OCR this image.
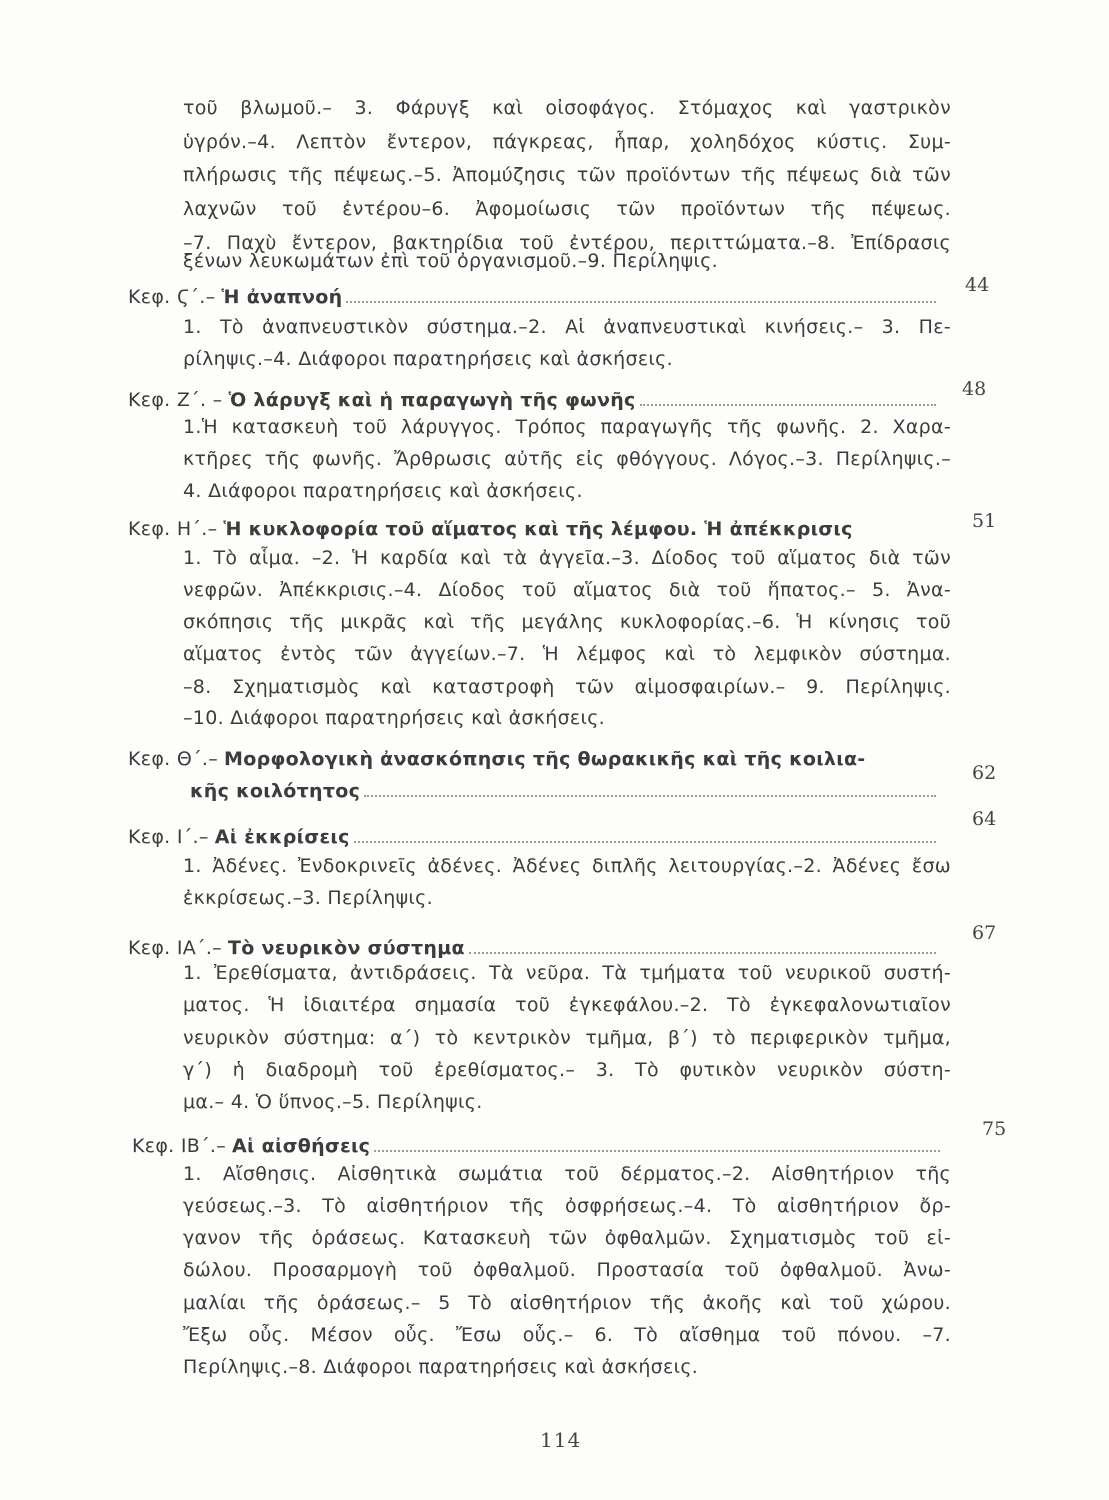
τοῦ βλωμοῦ.– 3. Φάρυγξ καὶ οἰσοφάγος. Στόμαχος καὶ γαστρικὸν
ὑγρόν.–4. Λεπτὸν ἔντερον, πάγκρεας, ἧπαρ, χοληδόχος κύστις. Συμ-
πλήρωσις τῆς πέψεως.–5. Ἀπομύζησις τῶν προϊόντων τῆς πέψεως διὰ τῶν
λαχνῶν τοῦ ἐντέρου–6. Ἀφομοίωσις τῶν προϊόντων τῆς πέψεως.
–7. Παχὺ ἔντερον, βακτηρίδια τοῦ ἐντέρου, περιττώματα.–8. Ἐπίδρασις
ξένων λευκωμάτων ἐπὶ τοῦ ὀργανισμοῦ.–9. Περίληψις.
Κεφ. Ϛ΄.– Ἡ ἀναπνοή
44
1. Τὸ ἀναπνευστικὸν σύστημα.–2. Αἱ ἀναπνευστικαὶ κινήσεις.– 3. Πε-
ρίληψις.–4. Διάφοροι παρατηρήσεις καὶ ἀσκήσεις.
Κεφ. Ζ΄. – Ὁ λάρυγξ καὶ ἡ παραγωγὴ τῆς φωνῆς	48
1.Ἡ κατασκευὴ τοῦ λάρυγγος. Τρόπος παραγωγῆς τῆς φωνῆς. 2. Χαρα-
κτῆρες τῆς φωνῆς. Ἄρθρωσις αὐτῆς εἰς φθόγγους. Λόγος.–3. Περίληψις.–
4. Διάφοροι παρατηρήσεις καὶ ἀσκήσεις.
Κεφ. Η΄.– Ἡ κυκλοφορία τοῦ αἵματος καὶ τῆς λέμφου. Ἡ ἀπέκκρισις	51
1. Τὸ αἷμα. –2. Ἡ καρδία καὶ τὰ ἀγγεῖα.–3. Δίοδος τοῦ αἵματος διὰ τῶν
νεφρῶν. Ἀπέκκρισις.–4. Δίοδος τοῦ αἵματος διὰ τοῦ ἥπατος.– 5. Ἀνα-
σκόπησις τῆς μικρᾶς καὶ τῆς μεγάλης κυκλοφορίας.–6. Ἡ κίνησις τοῦ
αἵματος ἐντὸς τῶν ἀγγείων.–7. Ἡ λέμφος καὶ τὸ λεμφικὸν σύστημα.
–8. Σχηματισμὸς καὶ καταστροφὴ τῶν αἱμοσφαιρίων.– 9. Περίληψις.
–10. Διάφοροι παρατηρήσεις καὶ ἀσκήσεις.
Κεφ. Θ΄.– Μορφολογικὴ ἀνασκόπησις τῆς θωρακικῆς καὶ τῆς κοιλια-
κῆς κοιλότητος
62
Κεφ. Ι΄.– Αἱ ἐκκρίσεις
64
1. Ἀδένες. Ἐνδοκρινεῖς ἀδένες. Ἀδένες διπλῆς λειτουργίας.–2. Ἀδένες ἔσω
ἐκκρίσεως.–3. Περίληψις.
Κεφ. ΙΑ΄.– Τὸ νευρικὸν σύστημα
67
1. Ἐρεθίσματα, ἀντιδράσεις. Τὰ νεῦρα. Τὰ τμήματα τοῦ νευρικοῦ συστή-
ματος. Ἡ ἰδιαιτέρα σημασία τοῦ ἐγκεφάλου.–2. Τὸ ἐγκεφαλονωτιαῖον
νευρικὸν σύστημα: α΄) τὸ κεντρικὸν τμῆμα, β΄) τὸ περιφερικὸν τμῆμα,
γ΄) ἡ διαδρομὴ τοῦ ἐρεθίσματος.– 3. Τὸ φυτικὸν νευρικὸν σύστη-
μα.– 4. Ὁ ὕπνος.–5. Περίληψις.
Κεφ. ΙΒ΄.– Αἱ αἰσθήσεις
75
1. Αἴσθησις. Αἰσθητικὰ σωμάτια τοῦ δέρματος.–2. Αἰσθητήριον τῆς
γεύσεως.–3. Τὸ αἰσθητήριον τῆς ὀσφρήσεως.–4. Τὸ αἰσθητήριον ὄρ-
γανον τῆς ὁράσεως. Κατασκευὴ τῶν ὀφθαλμῶν. Σχηματισμὸς τοῦ εἰ-
δώλου. Προσαρμογὴ τοῦ ὀφθαλμοῦ. Προστασία τοῦ ὀφθαλμοῦ. Ἀνω-
μαλίαι τῆς ὁράσεως.– 5 Τὸ αἰσθητήριον τῆς ἀκοῆς καὶ τοῦ χώρου.
Ἔξω οὖς. Μέσον οὖς. Ἔσω οὖς.– 6. Τὸ αἴσθημα τοῦ πόνου. –7.
Περίληψις.–8. Διάφοροι παρατηρήσεις καὶ ἀσκήσεις.
114
